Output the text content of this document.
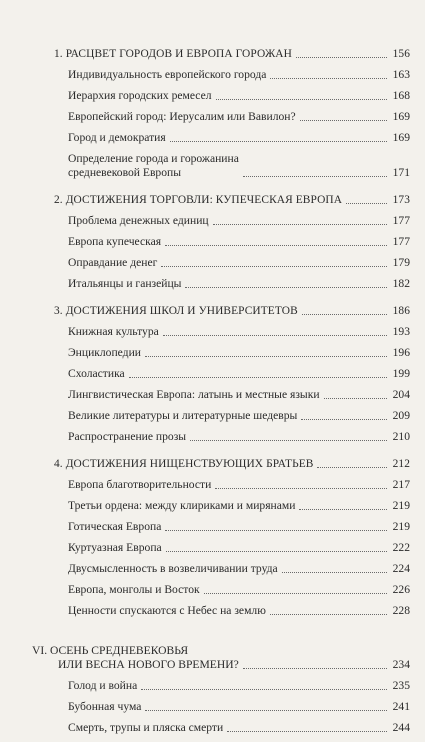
1. РАСЦВЕТ ГОРОДОВ И ЕВРОПА ГОРОЖАН	156
Индивидуальность европейского города	163
Иерархия городских ремесел	168
Европейский город: Иерусалим или Вавилон?	169
Город и демократия	169
Определение города и горожанина
средневековой Европы	171
2. ДОСТИЖЕНИЯ ТОРГОВЛИ: КУПЕЧЕСКАЯ ЕВРОПА	173
Проблема денежных единиц	177
Европа купеческая	177
Оправдание денег	179
Итальянцы и ганзейцы	182
3. ДОСТИЖЕНИЯ ШКОЛ И УНИВЕРСИТЕТОВ	186
Книжная культура	193
Энциклопедии	196
Схоластика	199
Лингвистическая Европа: латынь и местные языки	204
Великие литературы и литературные шедевры	209
Распространение прозы	210
4. ДОСТИЖЕНИЯ НИЩЕНСТВУЮЩИХ БРАТЬЕВ	212
Европа благотворительности	217
Третьи ордена: между клириками и мирянами	219
Готическая Европа	219
Куртуазная Европа	222
Двусмысленность в возвеличивании труда	224
Европа, монголы и Восток	226
Ценности спускаются с Небес на землю	228
VI. ОСЕНЬ СРЕДНЕВЕКОВЬЯ
ИЛИ ВЕСНА НОВОГО ВРЕМЕНИ?	234
Голод и война	235
Бубонная чума	241
Смерть, трупы и пляска смерти	244
